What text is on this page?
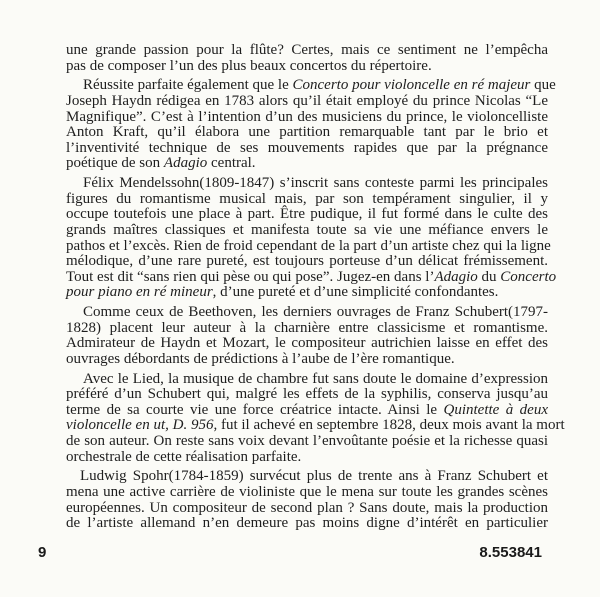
une grande passion pour la flûte? Certes, mais ce sentiment ne l’empêcha
pas de composer l’un des plus beaux concertos du répertoire.
Réussite parfaite également que le Concerto pour violoncelle en ré majeur que
Joseph Haydn rédigea en 1783 alors qu’il était employé du prince Nicolas “Le
Magnifique”. C’est à l’intention d’un des musiciens du prince, le violoncelliste
Anton Kraft, qu’il élabora une partition remarquable tant par le brio et
l’inventivité technique de ses mouvements rapides que par la prégnance
poétique de son Adagio central.
Félix Mendelssohn(1809-1847) s’inscrit sans conteste parmi les principales
figures du romantisme musical mais, par son tempérament singulier, il y
occupe toutefois une place à part. Être pudique, il fut formé dans le culte des
grands maîtres classiques et manifesta toute sa vie une méfiance envers le
pathos et l’excès. Rien de froid cependant de la part d’un artiste chez qui la ligne
mélodique, d’une rare pureté, est toujours porteuse d’un délicat frémissement.
Tout est dit “sans rien qui pèse ou qui pose”. Jugez-en dans l’Adagio du Concerto
pour piano en ré mineur, d’une pureté et d’une simplicité confondantes.
Comme ceux de Beethoven, les derniers ouvrages de Franz Schubert(1797-
1828) placent leur auteur à la charnière entre classicisme et romantisme.
Admirateur de Haydn et Mozart, le compositeur autrichien laisse en effet des
ouvrages débordants de prédictions à l’aube de l’ère romantique.
Avec le Lied, la musique de chambre fut sans doute le domaine d’expression
préféré d’un Schubert qui, malgré les effets de la syphilis, conserva jusqu’au
terme de sa courte vie une force créatrice intacte. Ainsi le Quintette à deux
violoncelle en ut, D. 956, fut il achevé en septembre 1828, deux mois avant la mort
de son auteur. On reste sans voix devant l’envoûtante poésie et la richesse quasi
orchestrale de cette réalisation parfaite.
Ludwig Spohr(1784-1859) survécut plus de trente ans à Franz Schubert et
mena une active carrière de violiniste que le mena sur toute les grandes scènes
européennes. Un compositeur de second plan ? Sans doute, mais la production
de l’artiste allemand n’en demeure pas moins digne d’intérêt en particulier
9	8.553841
